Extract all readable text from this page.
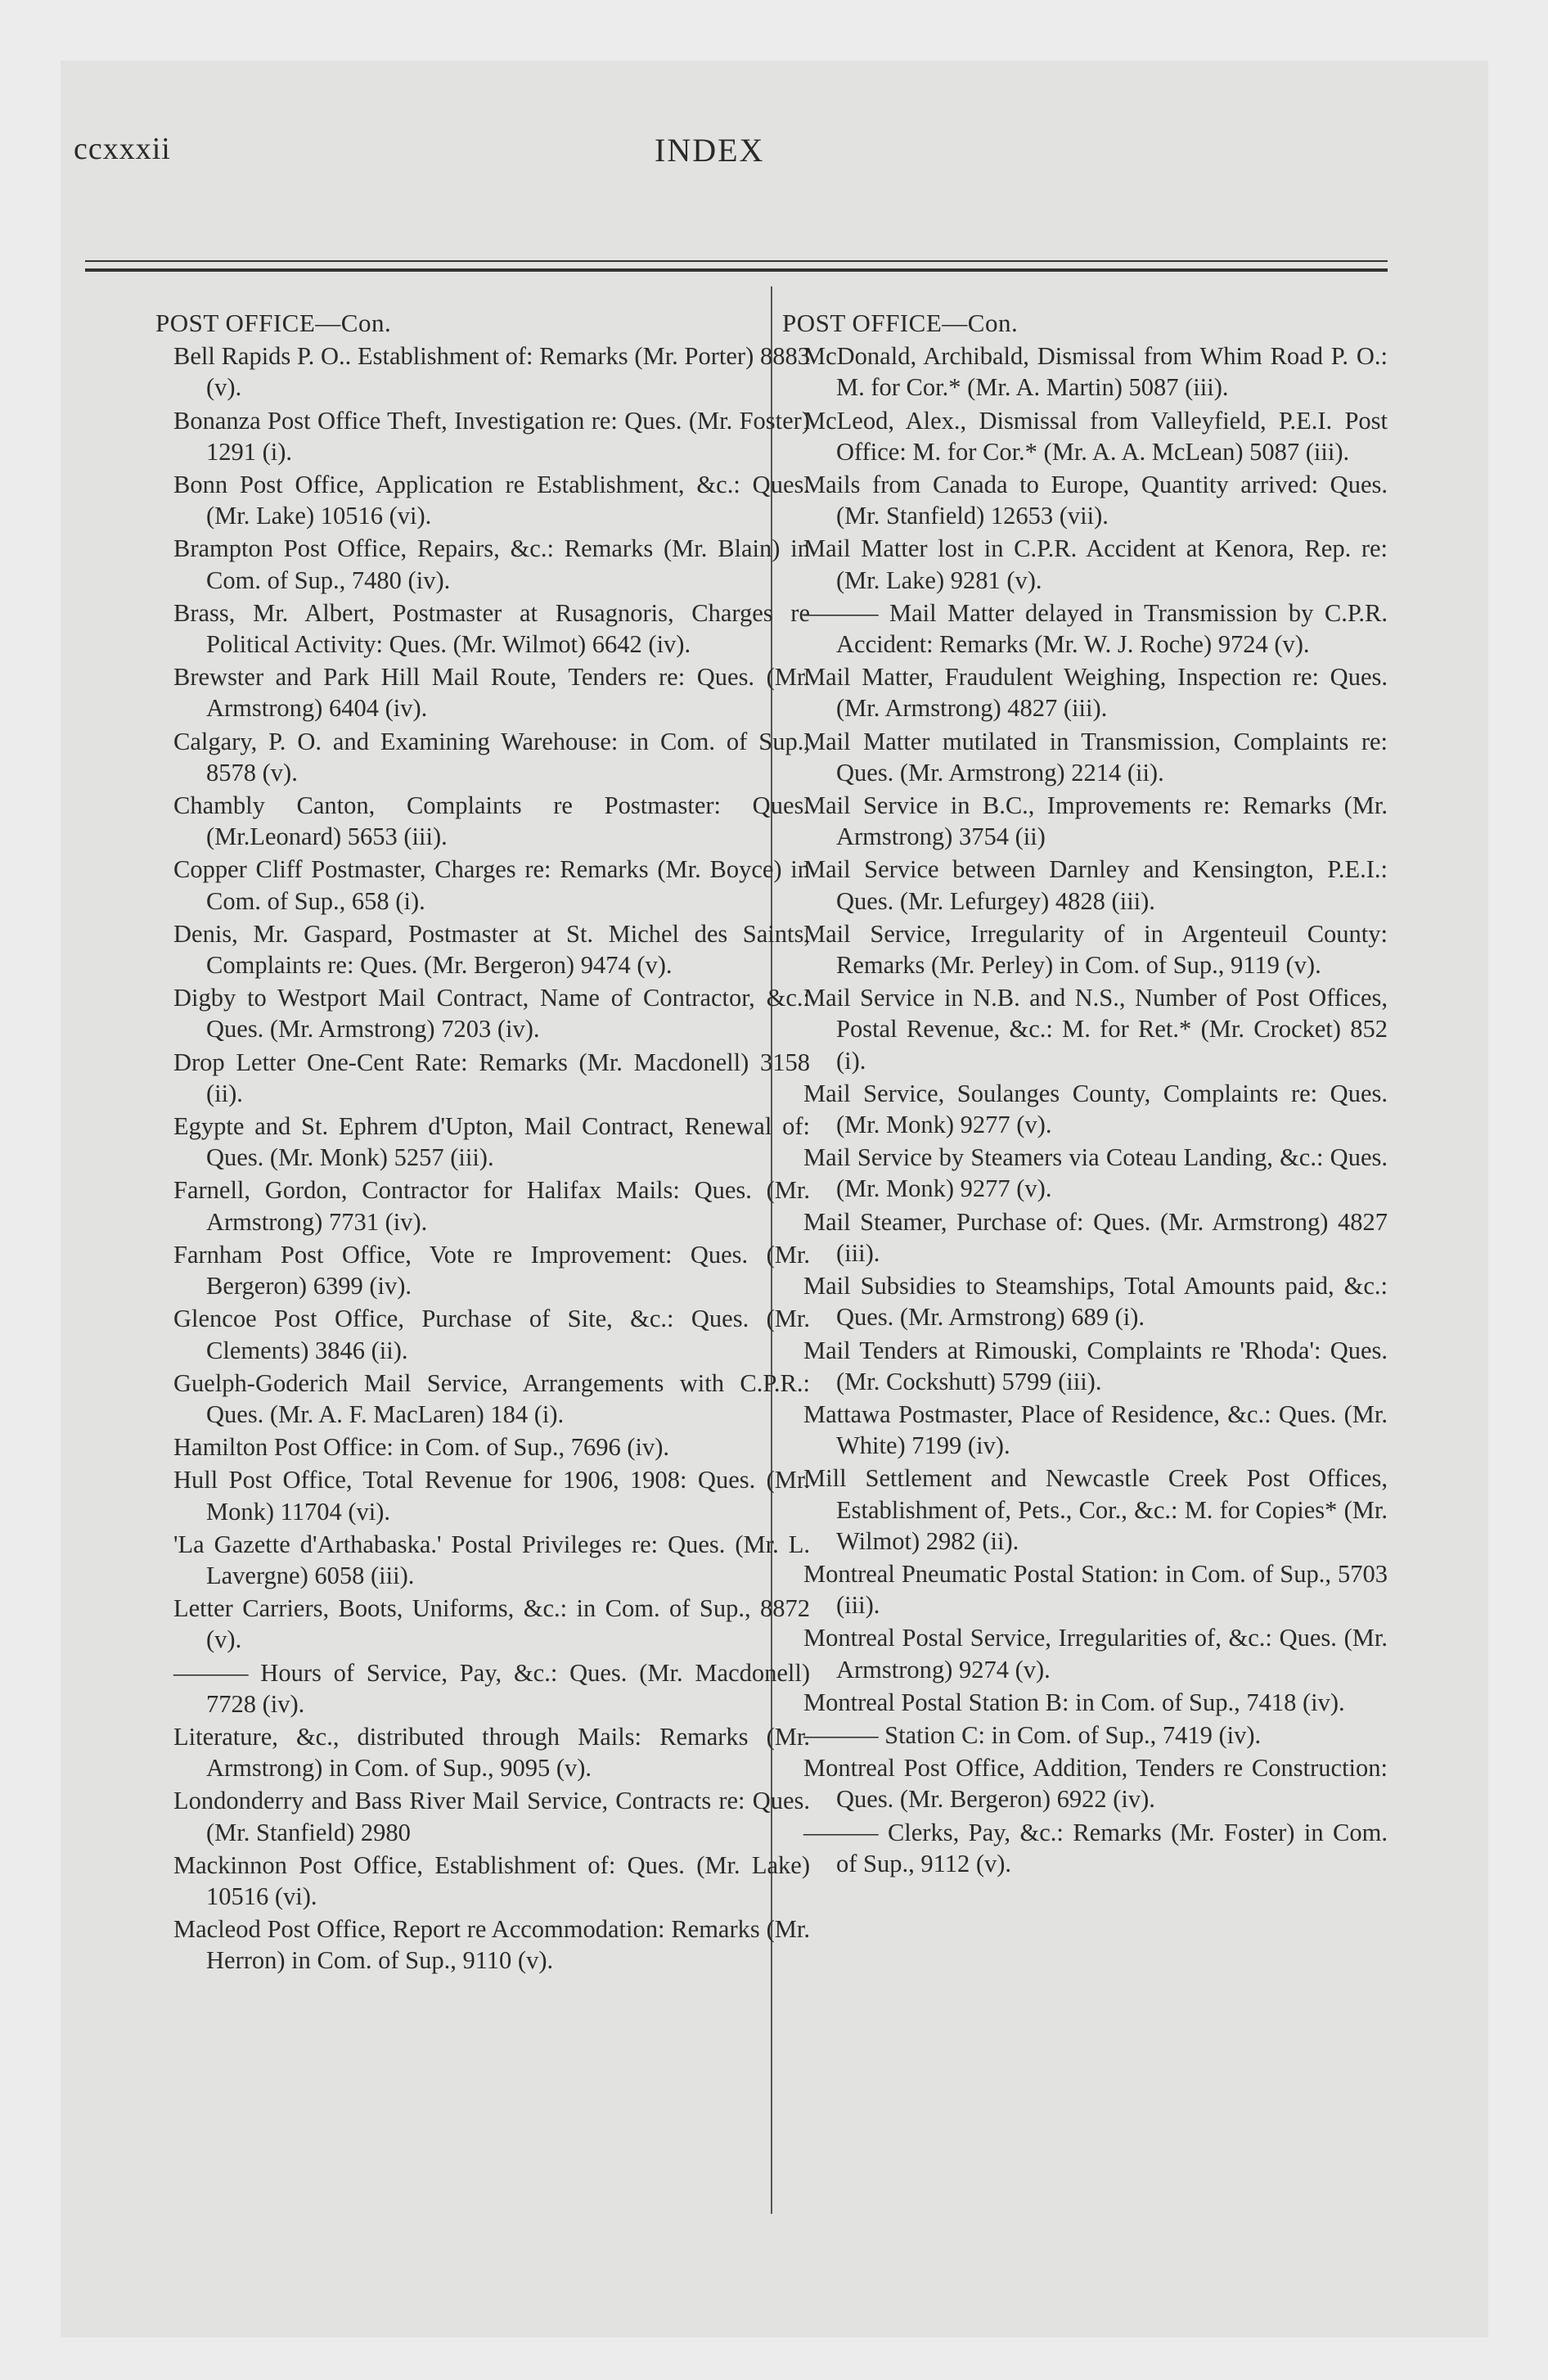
ccxxxii	INDEX
POST OFFICE—Con.
Bell Rapids P. O.. Establishment of: Remarks (Mr. Porter) 8883 (v).
Bonanza Post Office Theft, Investigation re: Ques. (Mr. Foster) 1291 (i).
Bonn Post Office, Application re Establishment, &c.: Ques. (Mr. Lake) 10516 (vi).
Brampton Post Office, Repairs, &c.: Remarks (Mr. Blain) in Com. of Sup., 7480 (iv).
Brass, Mr. Albert, Postmaster at Rusagnoris, Charges re Political Activity: Ques. (Mr. Wilmot) 6642 (iv).
Brewster and Park Hill Mail Route, Tenders re: Ques. (Mr. Armstrong) 6404 (iv).
Calgary, P. O. and Examining Warehouse: in Com. of Sup., 8578 (v).
Chambly Canton, Complaints re Postmaster: Ques. (Mr.Leonard) 5653 (iii).
Copper Cliff Postmaster, Charges re: Remarks (Mr. Boyce) in Com. of Sup., 658 (i).
Denis, Mr. Gaspard, Postmaster at St. Michel des Saints, Complaints re: Ques. (Mr. Bergeron) 9474 (v).
Digby to Westport Mail Contract, Name of Contractor, &c.: Ques. (Mr. Armstrong) 7203 (iv).
Drop Letter One-Cent Rate: Remarks (Mr. Macdonell) 3158 (ii).
Egypte and St. Ephrem d'Upton, Mail Contract, Renewal of: Ques. (Mr. Monk) 5257 (iii).
Farnell, Gordon, Contractor for Halifax Mails: Ques. (Mr. Armstrong) 7731 (iv).
Farnham Post Office, Vote re Improvement: Ques. (Mr. Bergeron) 6399 (iv).
Glencoe Post Office, Purchase of Site, &c.: Ques. (Mr. Clements) 3846 (ii).
Guelph-Goderich Mail Service, Arrangements with C.P.R.: Ques. (Mr. A. F. MacLaren) 184 (i).
Hamilton Post Office: in Com. of Sup., 7696 (iv).
Hull Post Office, Total Revenue for 1906, 1908: Ques. (Mr. Monk) 11704 (vi).
'La Gazette d'Arthabaska.' Postal Privileges re: Ques. (Mr. L. Lavergne) 6058 (iii).
Letter Carriers, Boots, Uniforms, &c.: in Com. of Sup., 8872 (v).
——— Hours of Service, Pay, &c.: Ques. (Mr. Macdonell) 7728 (iv).
Literature, &c., distributed through Mails: Remarks (Mr. Armstrong) in Com. of Sup., 9095 (v).
Londonderry and Bass River Mail Service, Contracts re: Ques. (Mr. Stanfield) 2980
Mackinnon Post Office, Establishment of: Ques. (Mr. Lake) 10516 (vi).
Macleod Post Office, Report re Accommodation: Remarks (Mr. Herron) in Com. of Sup., 9110 (v).
POST OFFICE—Con.
McDonald, Archibald, Dismissal from Whim Road P. O.: M. for Cor.* (Mr. A. Martin) 5087 (iii).
McLeod, Alex., Dismissal from Valleyfield, P.E.I. Post Office: M. for Cor.* (Mr. A. A. McLean) 5087 (iii).
Mails from Canada to Europe, Quantity arrived: Ques. (Mr. Stanfield) 12653 (vii).
Mail Matter lost in C.P.R. Accident at Kenora, Rep. re: (Mr. Lake) 9281 (v).
——— Mail Matter delayed in Transmission by C.P.R. Accident: Remarks (Mr. W. J. Roche) 9724 (v).
Mail Matter, Fraudulent Weighing, Inspection re: Ques. (Mr. Armstrong) 4827 (iii).
Mail Matter mutilated in Transmission, Complaints re: Ques. (Mr. Armstrong) 2214 (ii).
Mail Service in B.C., Improvements re: Remarks (Mr. Armstrong) 3754 (ii)
Mail Service between Darnley and Kensington, P.E.I.: Ques. (Mr. Lefurgey) 4828 (iii).
Mail Service, Irregularity of in Argenteuil County: Remarks (Mr. Perley) in Com. of Sup., 9119 (v).
Mail Service in N.B. and N.S., Number of Post Offices, Postal Revenue, &c.: M. for Ret.* (Mr. Crocket) 852 (i).
Mail Service, Soulanges County, Complaints re: Ques. (Mr. Monk) 9277 (v).
Mail Service by Steamers via Coteau Landing, &c.: Ques. (Mr. Monk) 9277 (v).
Mail Steamer, Purchase of: Ques. (Mr. Armstrong) 4827 (iii).
Mail Subsidies to Steamships, Total Amounts paid, &c.: Ques. (Mr. Armstrong) 689 (i).
Mail Tenders at Rimouski, Complaints re 'Rhoda': Ques. (Mr. Cockshutt) 5799 (iii).
Mattawa Postmaster, Place of Residence, &c.: Ques. (Mr. White) 7199 (iv).
Mill Settlement and Newcastle Creek Post Offices, Establishment of, Pets., Cor., &c.: M. for Copies* (Mr. Wilmot) 2982 (ii).
Montreal Pneumatic Postal Station: in Com. of Sup., 5703 (iii).
Montreal Postal Service, Irregularities of, &c.: Ques. (Mr. Armstrong) 9274 (v).
Montreal Postal Station B: in Com. of Sup., 7418 (iv).
——— Station C: in Com. of Sup., 7419 (iv).
Montreal Post Office, Addition, Tenders re Construction: Ques. (Mr. Bergeron) 6922 (iv).
——— Clerks, Pay, &c.: Remarks (Mr. Foster) in Com. of Sup., 9112 (v).
